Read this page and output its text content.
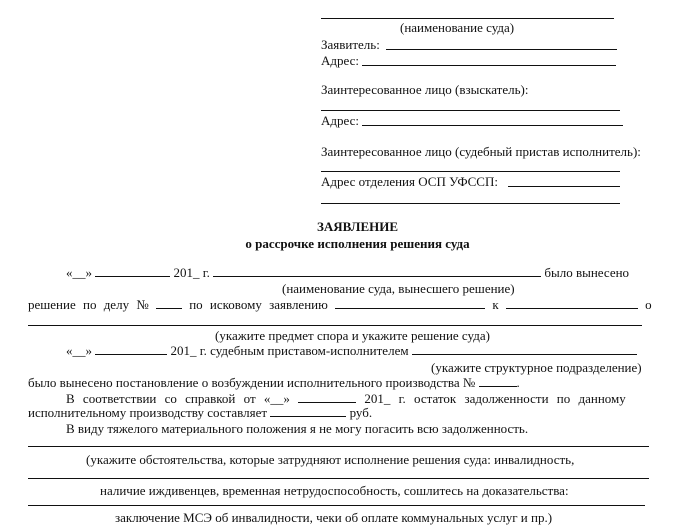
(наименование суда)
Заявитель:
Адрес:
Заинтересованное лицо (взыскатель):
Адрес:
Заинтересованное лицо (судебный пристав исполнитель):
Адрес отделения ОСП УФССП:
ЗАЯВЛЕНИЕ
о рассрочке исполнения решения суда
«__»	201_ г.	было вынесено
(наименование суда, вынесшего решение)
решение по делу №	по исковому заявлению	к	о
(укажите предмет спора и укажите решение суда)
«__»	201_ г. судебным приставом-исполнителем
(укажите структурное подразделение)
было вынесено постановление о возбуждении исполнительного производства №	.
В соответствии со справкой от «__»	201_ г. остаток задолженности по данному
исполнительному производству составляет	руб.
В виду тяжелого материального положения я не могу погасить всю задолженность.
(укажите обстоятельства, которые затрудняют исполнение решения суда: инвалидность,
наличие иждивенцев, временная нетрудоспособность, сошлитесь на доказательства:
заключение МСЭ об инвалидности, чеки об оплате коммунальных услуг и пр.)
